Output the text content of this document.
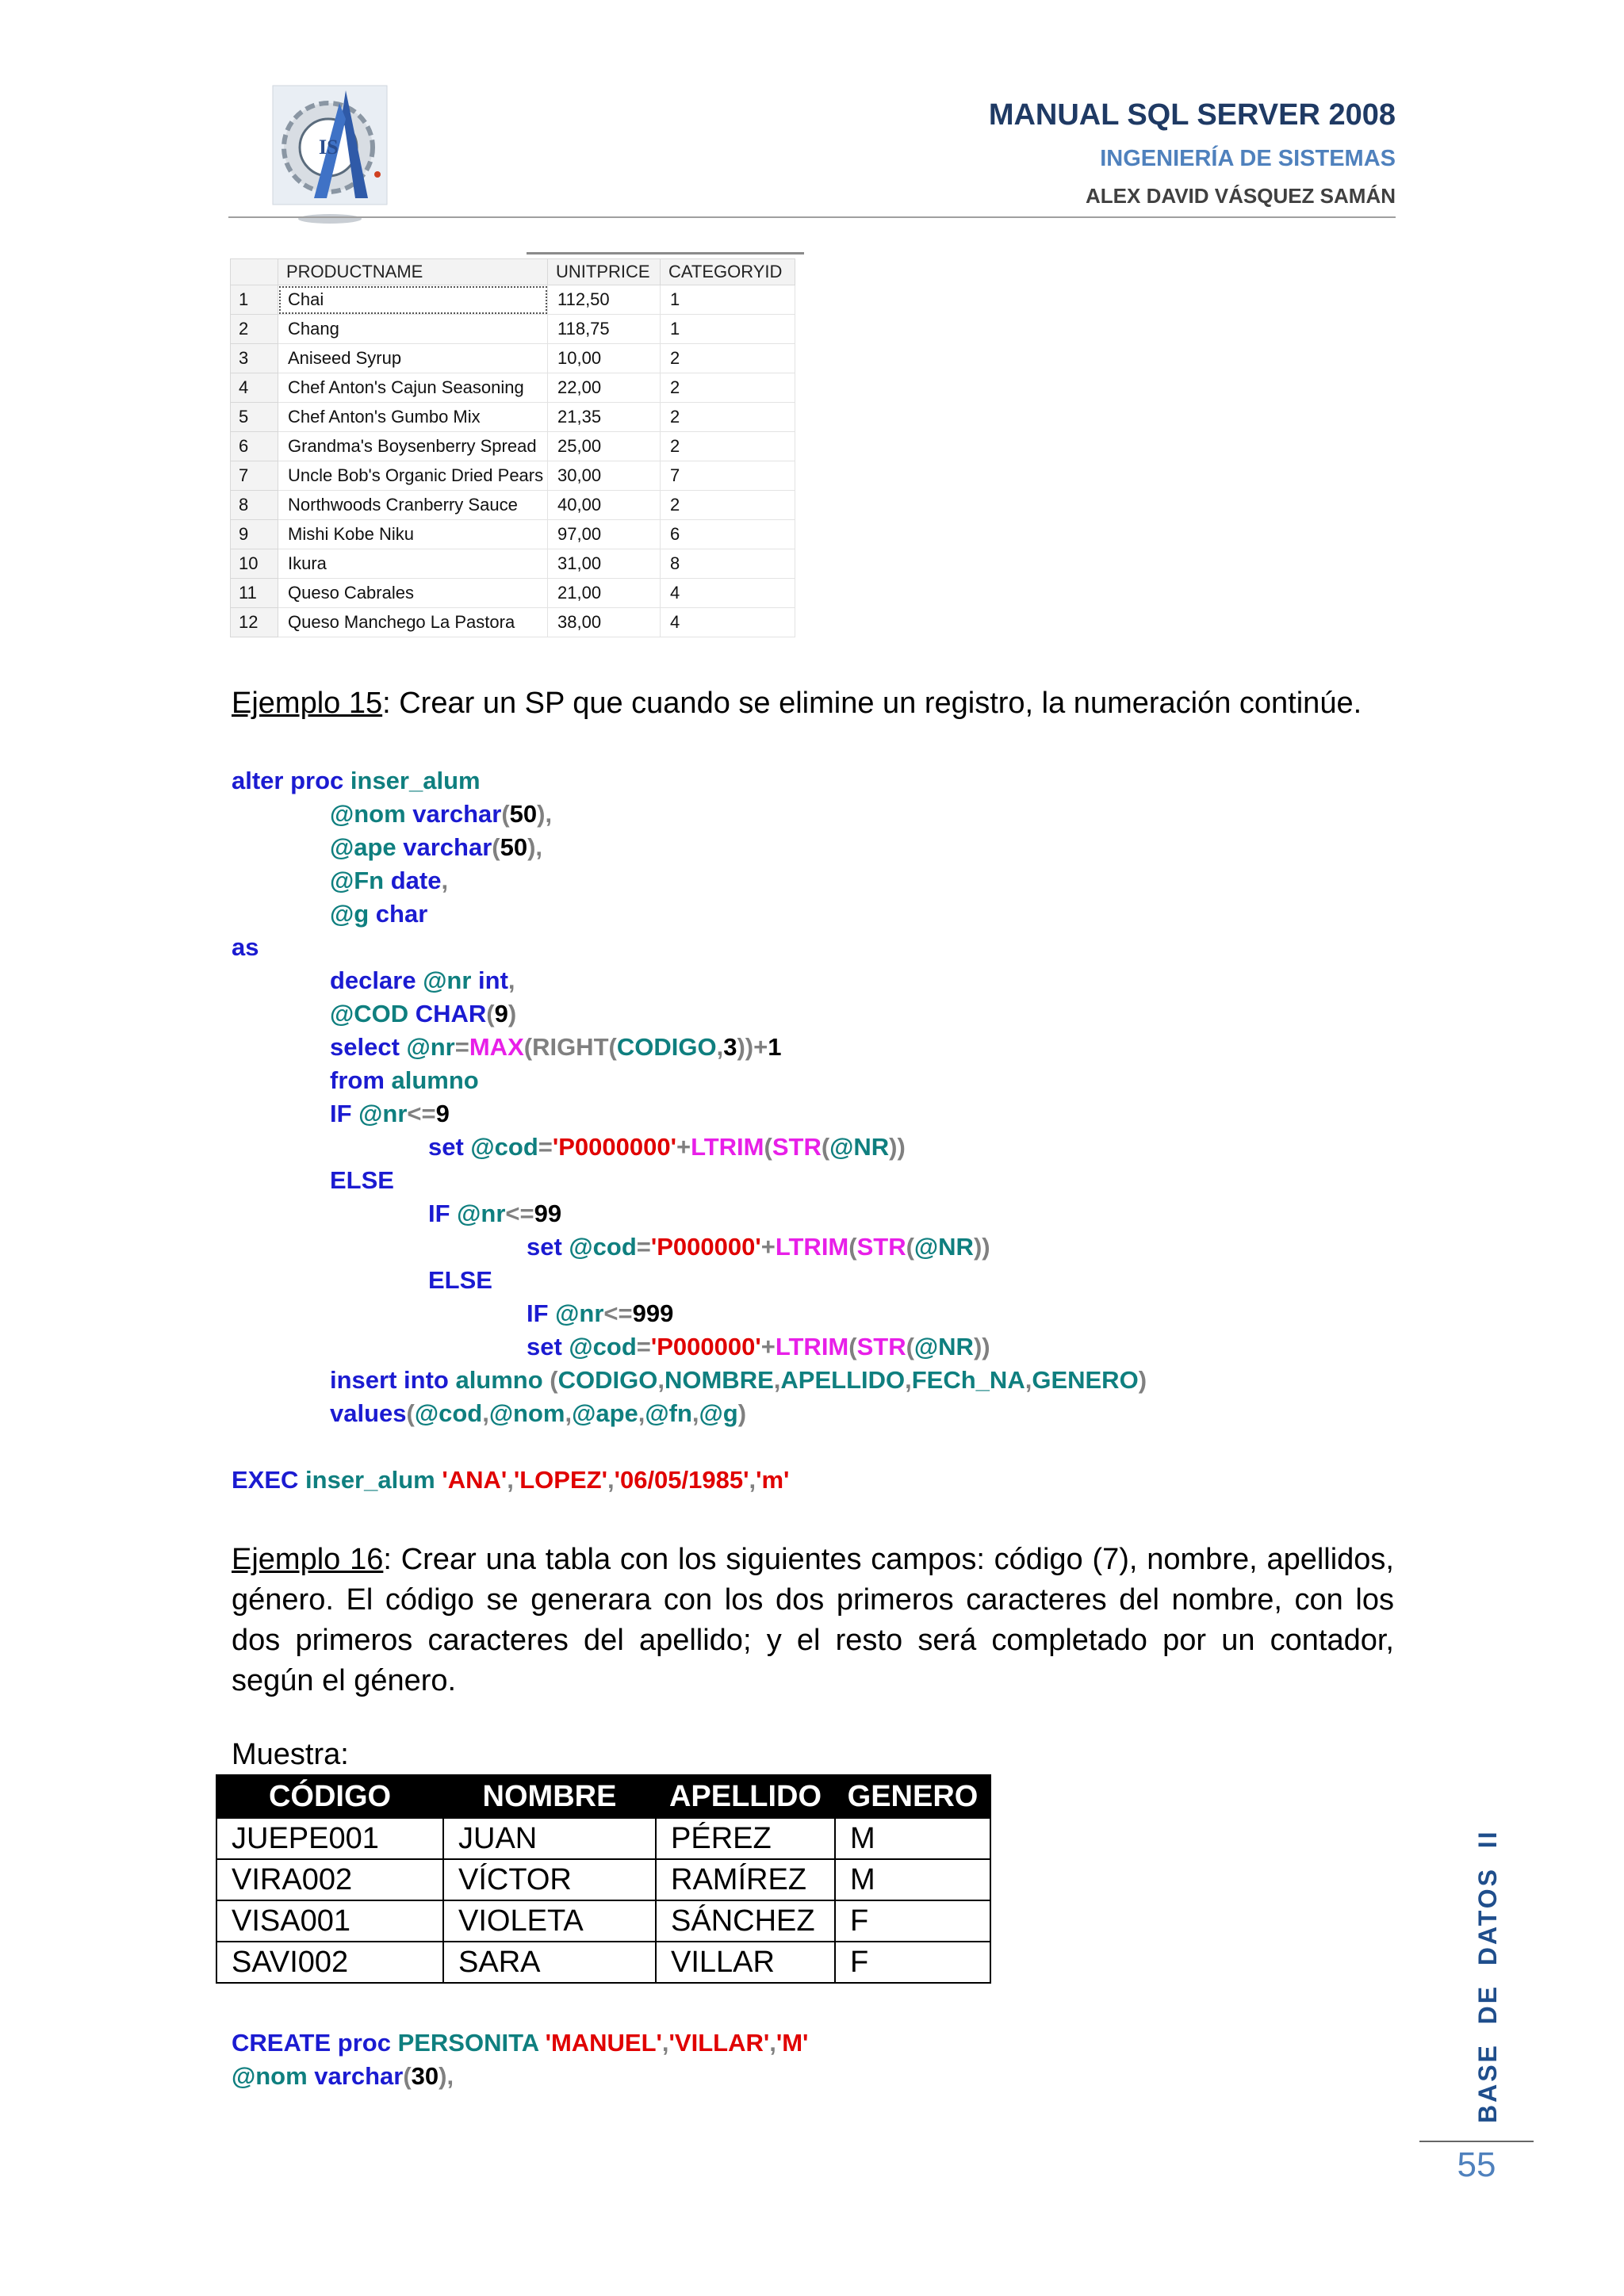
IS
MANUAL SQL SERVER 2008
INGENIERÍA DE SISTEMAS
ALEX DAVID VÁSQUEZ SAMÁN
	PRODUCTNAME	UNITPRICE	CATEGORYID
1	Chai	112,50	1
2	Chang	118,75	1
3	Aniseed Syrup	10,00	2
4	Chef Anton's Cajun Seasoning	22,00	2
5	Chef Anton's Gumbo Mix	21,35	2
6	Grandma's Boysenberry Spread	25,00	2
7	Uncle Bob's Organic Dried Pears	30,00	7
8	Northwoods Cranberry Sauce	40,00	2
9	Mishi Kobe Niku	97,00	6
10	Ikura	31,00	8
11	Queso Cabrales	21,00	4
12	Queso Manchego La Pastora	38,00	4
Ejemplo 15: Crear un SP que cuando se elimine un registro, la numeración continúe.
alter proc inser_alum
@nom varchar(50),
@ape varchar(50),
@Fn date,
@g char
as
declare @nr int,
@COD CHAR(9)
select @nr=MAX(RIGHT(CODIGO,3))+1
from alumno
IF @nr<=9
set @cod='P0000000'+LTRIM(STR(@NR))
ELSE
IF @nr<=99
set @cod='P000000'+LTRIM(STR(@NR))
ELSE
IF @nr<=999
set @cod='P000000'+LTRIM(STR(@NR))
insert into alumno (CODIGO,NOMBRE,APELLIDO,FECh_NA,GENERO)
values(@cod,@nom,@ape,@fn,@g)
EXEC inser_alum 'ANA','LOPEZ','06/05/1985','m'
Ejemplo 16: Crear una tabla con los siguientes campos: código (7), nombre, apellidos, género. El código se generara con los dos primeros caracteres del nombre, con los dos primeros caracteres del apellido; y el resto será completado por un contador, según el género.
Muestra:
CÓDIGO	NOMBRE	APELLIDO	GENERO
JUEPE001	JUAN	PÉREZ	M
VIRA002	VÍCTOR	RAMÍREZ	M
VISA001	VIOLETA	SÁNCHEZ	F
SAVI002	SARA	VILLAR	F
CREATE proc PERSONITA 'MANUEL','VILLAR','M'
@nom varchar(30),	BASE  DE  DATOS  II
55
